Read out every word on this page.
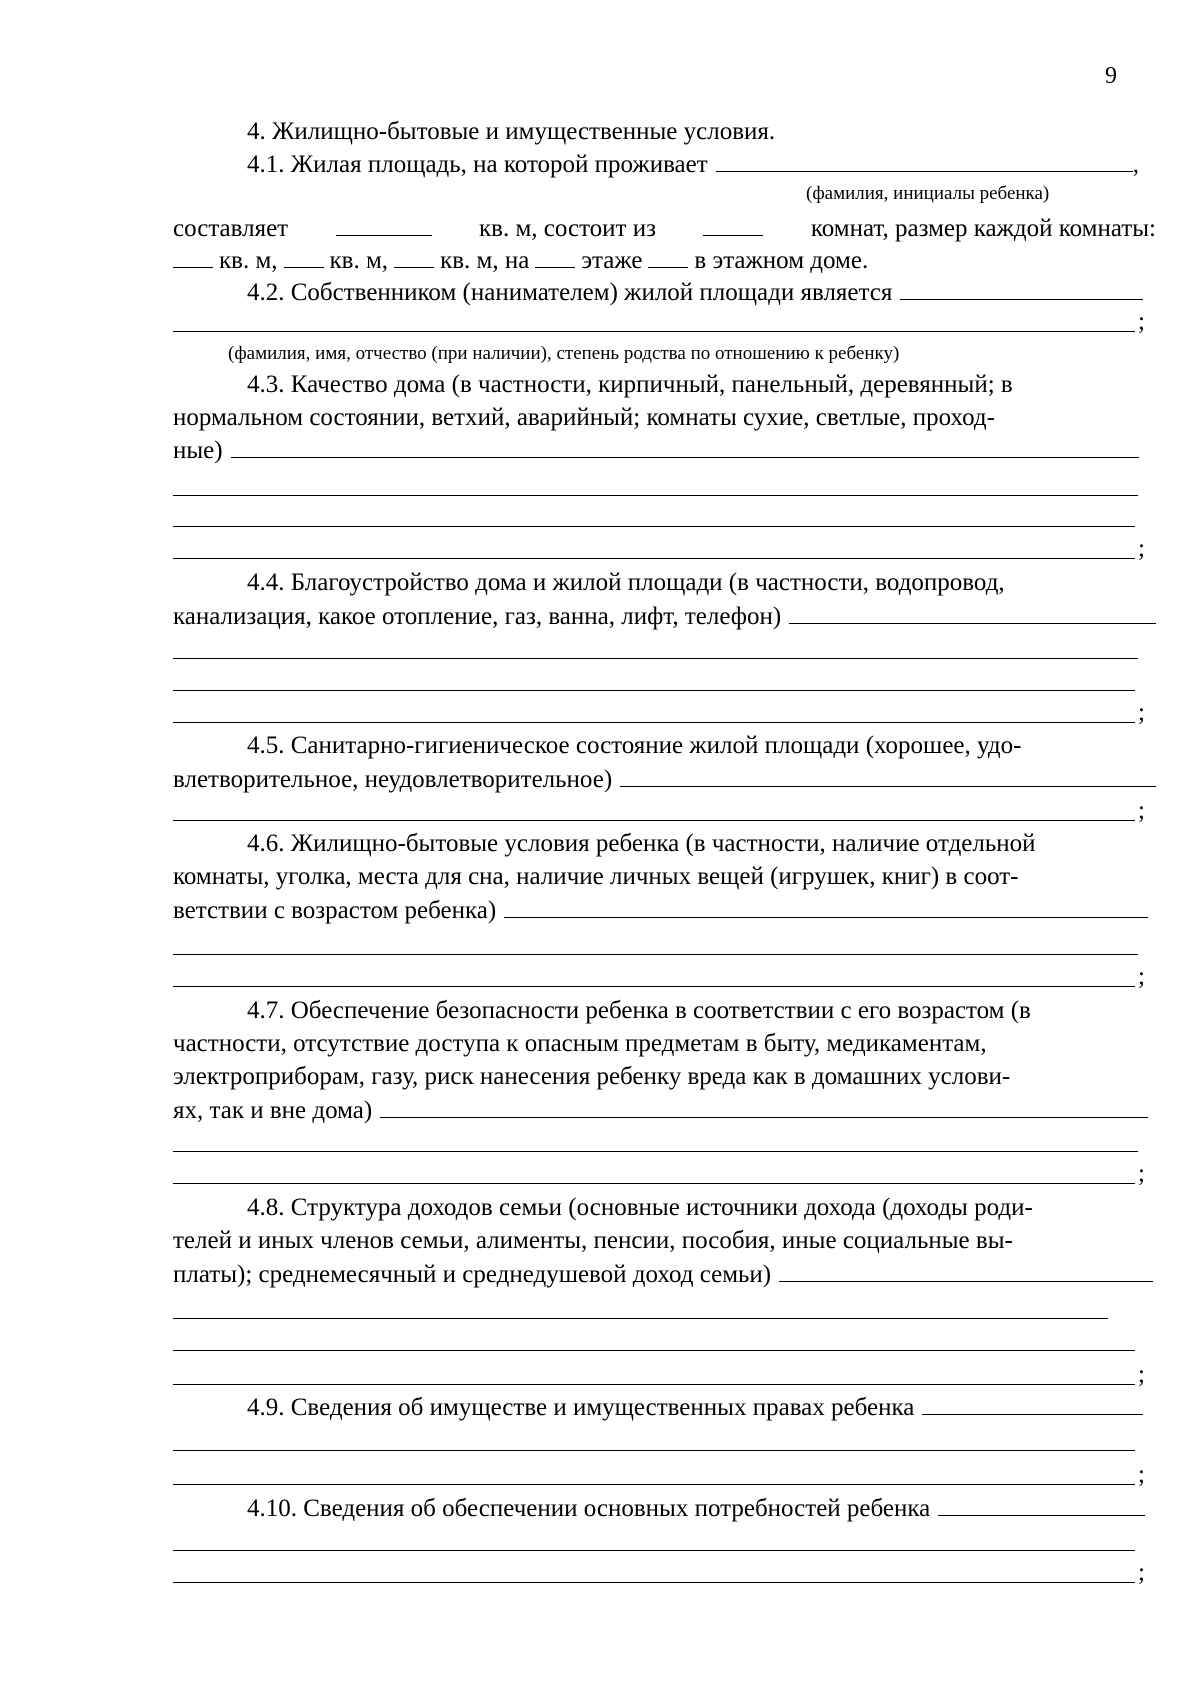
9
4. Жилищно-бытовые и имущественные условия.
4.1. Жилая площадь, на которой проживает	,
(фамилия, инициалы ребенка)
составляет	кв. м, состоит из	комнат, размер каждой комнаты:
кв. м, кв. м, кв. м, на этаже в этажном доме.
4.2. Собственником (нанимателем) жилой площади является
;
(фамилия, имя, отчество (при наличии), степень родства по отношению к ребенку)
4.3. Качество дома (в частности, кирпичный, панельный, деревянный; в
нормальном состоянии, ветхий, аварийный; комнаты сухие, светлые, проход-
ные)
;
4.4. Благоустройство дома и жилой площади (в частности, водопровод,
канализация, какое отопление, газ, ванна, лифт, телефон)
;
4.5. Санитарно-гигиеническое состояние жилой площади (хорошее, удо-
влетворительное, неудовлетворительное)
;
4.6. Жилищно-бытовые условия ребенка (в частности, наличие отдельной
комнаты, уголка, места для сна, наличие личных вещей (игрушек, книг) в соот-
ветствии с возрастом ребенка)
;
4.7. Обеспечение безопасности ребенка в соответствии с его возрастом (в
частности, отсутствие доступа к опасным предметам в быту, медикаментам,
электроприборам, газу, риск нанесения ребенку вреда как в домашних услови-
ях, так и вне дома)
;
4.8. Структура доходов семьи (основные источники дохода (доходы роди-
телей и иных членов семьи, алименты, пенсии, пособия, иные социальные вы-
платы); среднемесячный и среднедушевой доход семьи)
;
4.9. Сведения об имуществе и имущественных правах ребенка
;
4.10. Сведения об обеспечении основных потребностей ребенка
;
